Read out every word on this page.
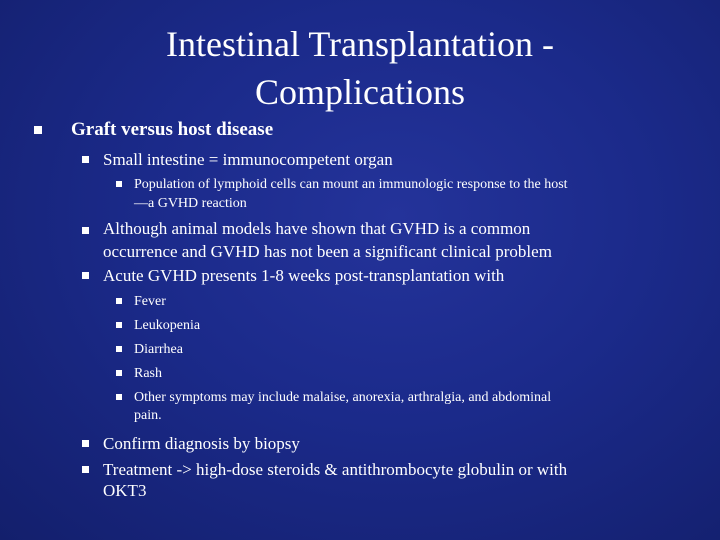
Intestinal Transplantation -
Complications
Graft versus host disease
Small intestine = immunocompetent organ
Population of lymphoid cells can mount an immunologic response to the host
—a GVHD reaction
Although animal models have shown that GVHD is a common
occurrence and GVHD has not been a significant clinical problem
Acute GVHD presents 1-8 weeks post-transplantation with
Fever
Leukopenia
Diarrhea
Rash
Other symptoms may include malaise, anorexia, arthralgia, and abdominal
pain.
Confirm diagnosis by biopsy
Treatment -> high-dose steroids & antithrombocyte globulin or with
OKT3
